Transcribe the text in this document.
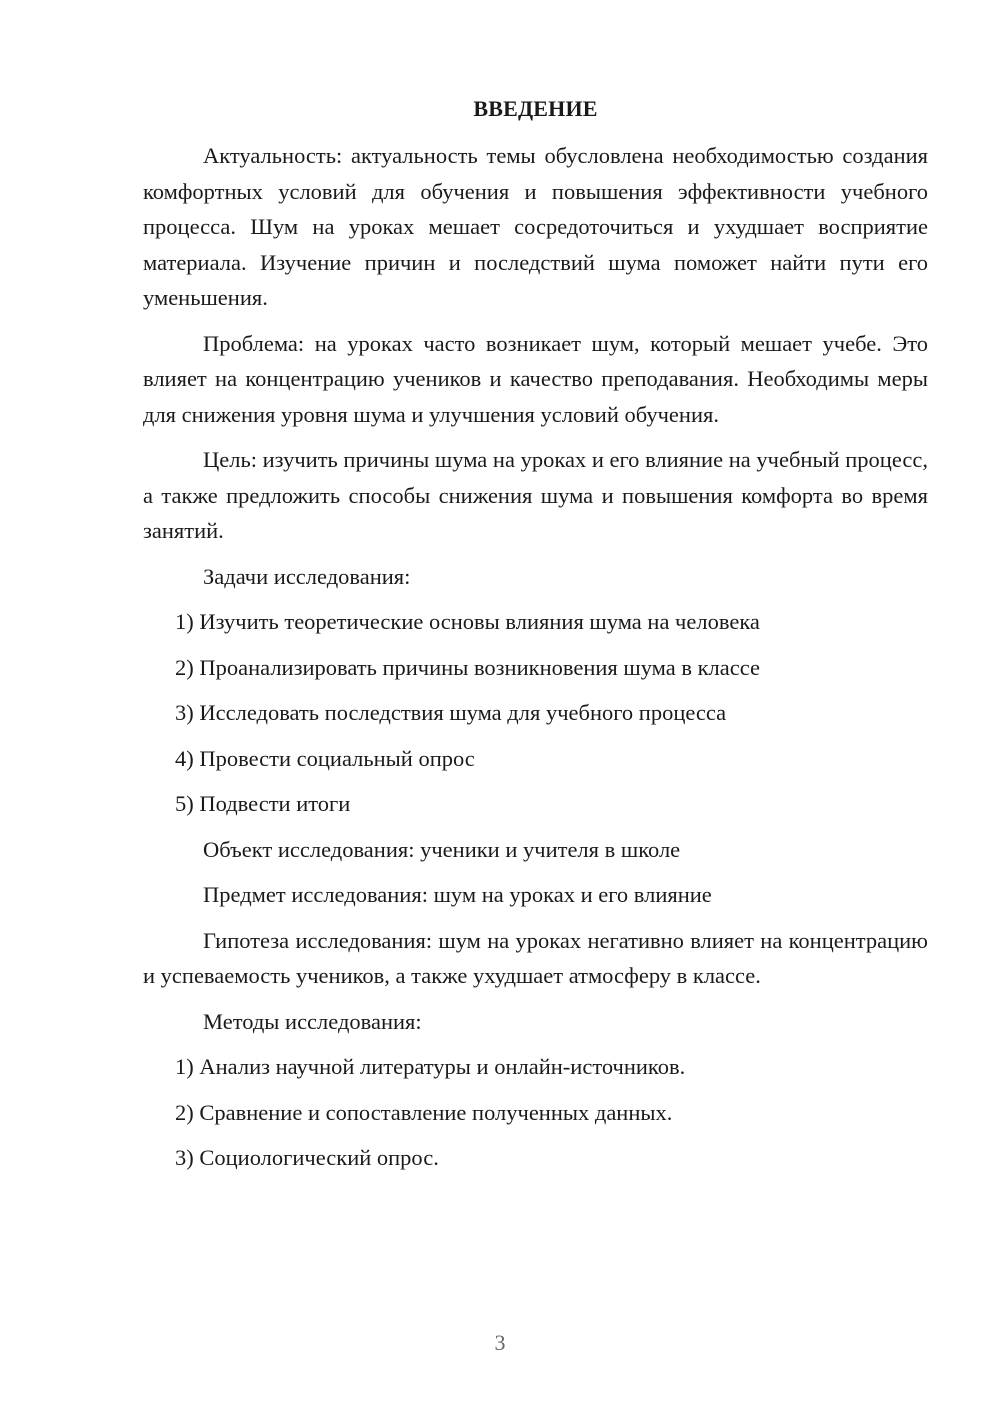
ВВЕДЕНИЕ

Актуальность: актуальность темы обусловлена необходимостью создания комфортных условий для обучения и повышения эффективности учебного процесса. Шум на уроках мешает сосредоточиться и ухудшает восприятие материала. Изучение причин и последствий шума поможет найти пути его уменьшения.

Проблема: на уроках часто возникает шум, который мешает учебе. Это влияет на концентрацию учеников и качество преподавания. Необходимы меры для снижения уровня шума и улучшения условий обучения.

Цель: изучить причины шума на уроках и его влияние на учебный процесс, а также предложить способы снижения шума и повышения комфорта во время занятий.

Задачи исследования:
1) Изучить теоретические основы влияния шума на человека
2) Проанализировать причины возникновения шума в классе
3) Исследовать последствия шума для учебного процесса
4) Провести социальный опрос
5) Подвести итоги
Объект исследования: ученики и учителя в школе
Предмет исследования: шум на уроках и его влияние

Гипотеза исследования: шум на уроках негативно влияет на концентрацию и успеваемость учеников, а также ухудшает атмосферу в классе.

Методы исследования:
1) Анализ научной литературы и онлайн-источников.
2) Сравнение и сопоставление полученных данных.
3) Социологический опрос.
3
